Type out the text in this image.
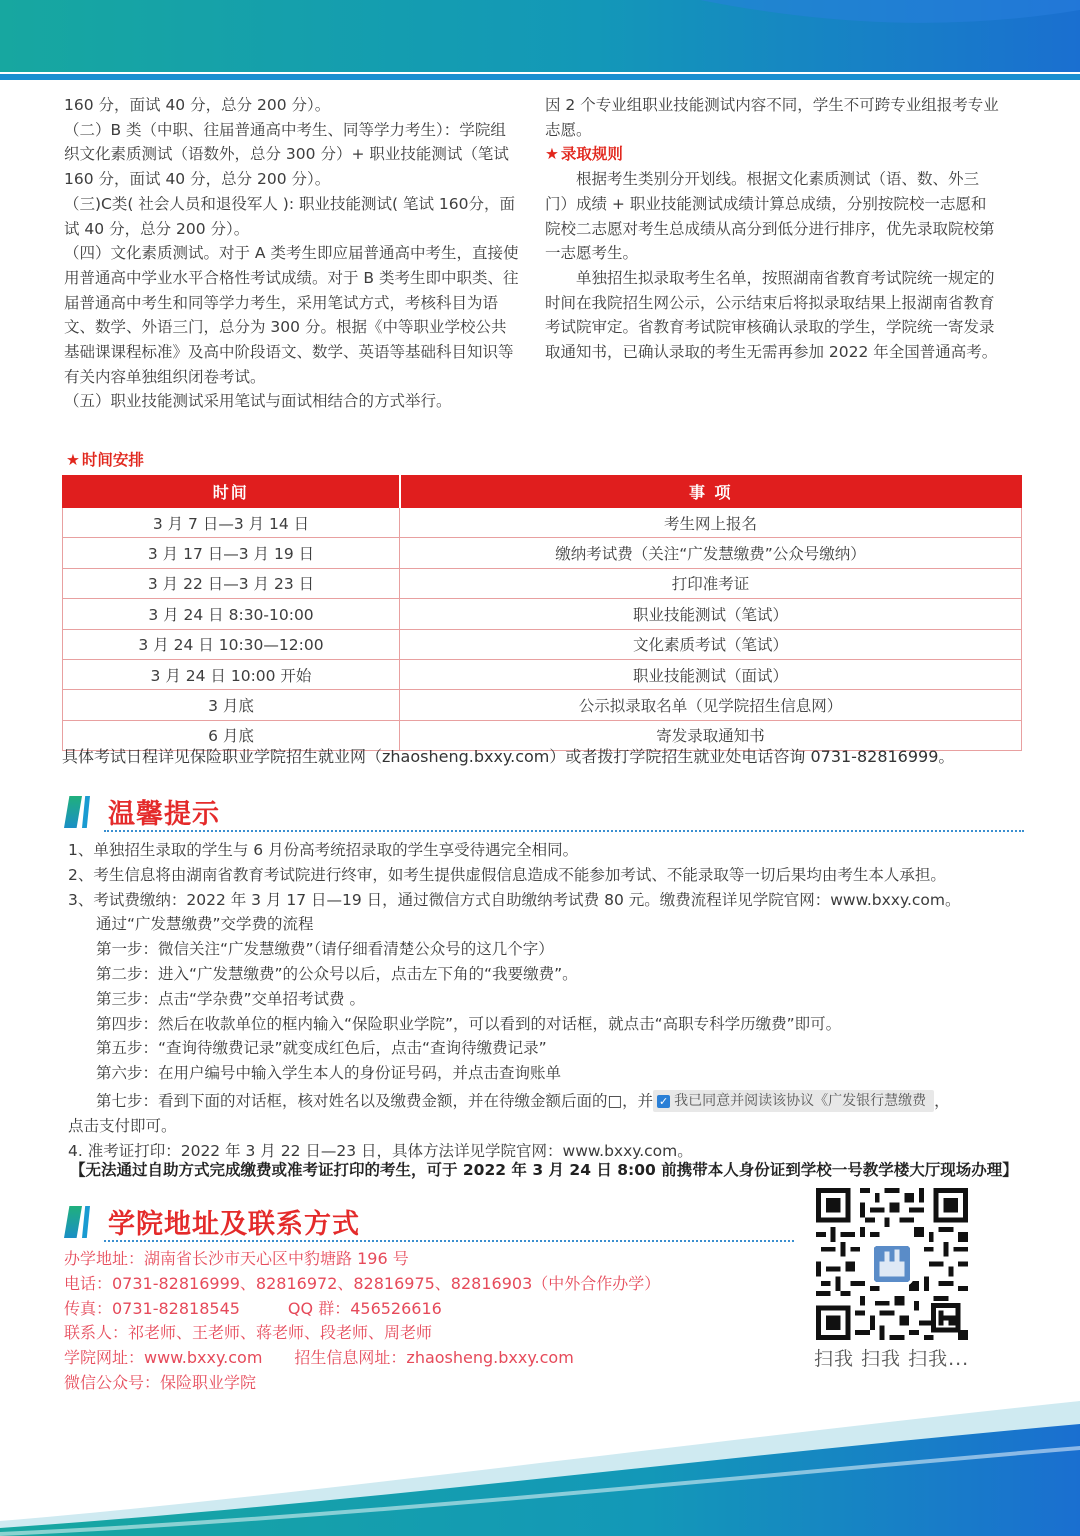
160 分，面试 40 分，总分 200 分）。

（二）B 类（中职、往届普通高中考生、同等学力考生）：学院组织文化素质测试（语数外，总分 300 分）+ 职业技能测试（笔试 160 分，面试 40 分，总分 200 分）。

（三)C类( 社会人员和退役军人 ): 职业技能测试( 笔试 160分，面试 40 分，总分 200 分）。

（四）文化素质测试。对于 A 类考生即应届普通高中考生，直接使用普通高中学业水平合格性考试成绩。对于 B 类考生即中职类、往届普通高中考生和同等学力考生，采用笔试方式，考核科目为语文、数学、外语三门，总分为 300 分。根据《中等职业学校公共基础课课程标准》及高中阶段语文、数学、英语等基础科目知识等有关内容单独组织闭卷考试。

（五）职业技能测试采用笔试与面试相结合的方式举行。

因 2 个专业组职业技能测试内容不同，学生不可跨专业组报考专业志愿。

★ 录取规则

根据考生类别分开划线。根据文化素质测试（语、数、外三门）成绩 + 职业技能测试成绩计算总成绩，分别按院校一志愿和院校二志愿对考生总成绩从高分到低分进行排序，优先录取院校第一志愿考生。

单独招生拟录取考生名单，按照湖南省教育考试院统一规定的时间在我院招生网公示，公示结束后将拟录取结果上报湖南省教育考试院审定。省教育考试院审核确认录取的学生，学院统一寄发录取通知书，已确认录取的考生无需再参加 2022 年全国普通高考。

★ 时间安排
时间	事 项
3 月 7 日—3 月 14 日	考生网上报名
3 月 17 日—3 月 19 日	缴纳考试费（关注“广发慧缴费”公众号缴纳）
3 月 22 日—3 月 23 日	打印准考证
3 月 24 日 8:30-10:00	职业技能测试（笔试）
3 月 24 日 10:30—12:00	文化素质考试（笔试）
3 月 24 日 10:00 开始	职业技能测试（面试）
3 月底	公示拟录取名单（见学院招生信息网）
6 月底	寄发录取通知书
具体考试日程详见保险职业学院招生就业网（zhaosheng.bxxy.com）或者拨打学院招生就业处电话咨询 0731-82816999。
温馨提示

1、单独招生录取的学生与 6 月份高考统招录取的学生享受待遇完全相同。

2、考生信息将由湖南省教育考试院进行终审，如考生提供虚假信息造成不能参加考试、不能录取等一切后果均由考生本人承担。

3、考试费缴纳：2022 年 3 月 17 日—19 日，通过微信方式自助缴纳考试费 80 元。缴费流程详见学院官网：www.bxxy.com。

通过“广发慧缴费”交学费的流程

第一步：微信关注“广发慧缴费”（请仔细看清楚公众号的这几个字）

第二步：进入“广发慧缴费”的公众号以后，点击左下角的“我要缴费”。

第三步：点击“学杂费”交单招考试费 。

第四步：然后在收款单位的框内输入“保险职业学院”，可以看到的对话框，就点击“高职专科学历缴费”即可。

第五步：“查询待缴费记录”就变成红色后，点击“查询待缴费记录”

第六步：在用户编号中输入学生本人的身份证号码，并点击查询账单

第七步：看到下面的对话框，核对姓名以及缴费金额，并在待缴金额后面的□，并 ✓ 我已同意并阅读该协议《广发银行慧缴费 ，

点击支付即可。

4. 准考证打印：2022 年 3 月 22 日—23 日，具体方法详见学院官网：www.bxxy.com。

【无法通过自助方式完成缴费或准考证打印的考生，可于 2022 年 3 月 24 日 8:00 前携带本人身份证到学校一号教学楼大厅现场办理】
学院地址及联系方式

办学地址：湖南省长沙市天心区中豹塘路 196 号

电话：0731-82816999、82816972、82816975、82816903（中外合作办学）

传真：0731-82818545　　　QQ 群：456526616

联系人：祁老师、王老师、蒋老师、段老师、周老师

学院网址：www.bxxy.com　　招生信息网址：zhaosheng.bxxy.com

微信公众号：保险职业学院

扫我 扫我 扫我...
